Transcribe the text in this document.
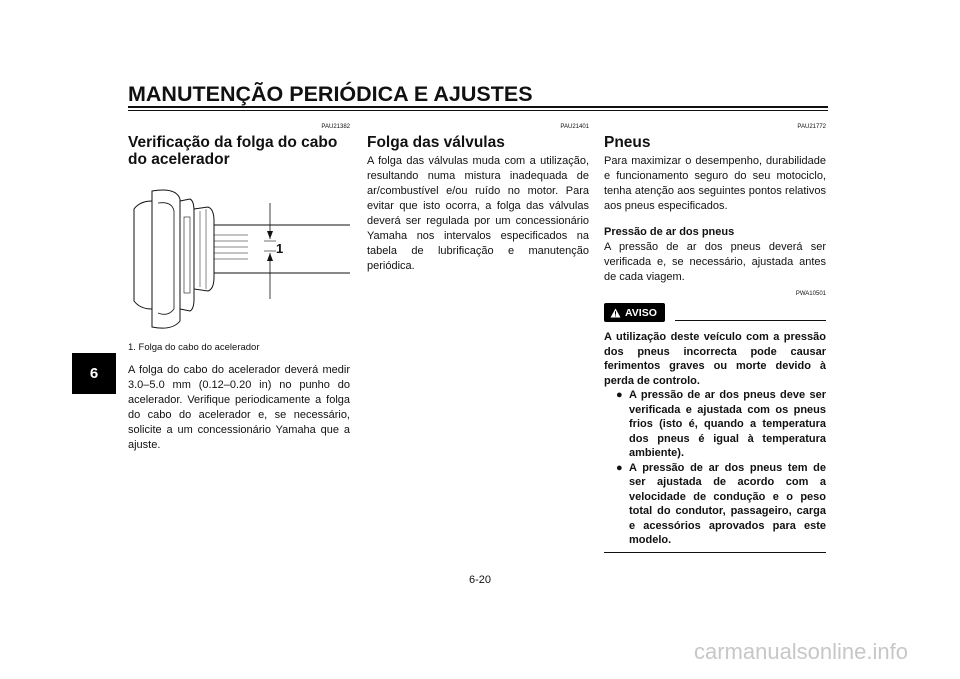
MANUTENÇÃO PERIÓDICA E AJUSTES
6
PAU21382
Verificação da folga do cabo do acelerador
1
1. Folga do cabo do acelerador

A folga do cabo do acelerador deverá medir 3.0–5.0 mm (0.12–0.20 in) no punho do acelerador. Verifique periodicamente a folga do cabo do acelerador e, se necessário, solicite a um concessionário Yamaha que a ajuste.

PAU21401
Folga das válvulas

A folga das válvulas muda com a utilização, resultando numa mistura inadequada de ar/combustível e/ou ruído no motor. Para evitar que isto ocorra, a folga das válvulas deverá ser regulada por um concessionário Yamaha nos intervalos especificados na tabela de lubrificação e manutenção periódica.

PAU21772
Pneus

Para maximizar o desempenho, durabilidade e funcionamento seguro do seu motociclo, tenha atenção aos seguintes pontos relativos aos pneus especificados.

Pressão de ar dos pneus

A pressão de ar dos pneus deverá ser verificada e, se necessário, ajustada antes de cada viagem.

PWA10501
AVISO
A utilização deste veículo com a pressão dos pneus incorrecta pode causar ferimentos graves ou morte devido à perda de controlo.
● A pressão de ar dos pneus deve ser verificada e ajustada com os pneus frios (isto é, quando a temperatura dos pneus é igual à temperatura ambiente).
● A pressão de ar dos pneus tem de ser ajustada de acordo com a velocidade de condução e o peso total do condutor, passageiro, carga e acessórios aprovados para este modelo.
6-20
carmanualsonline.info
